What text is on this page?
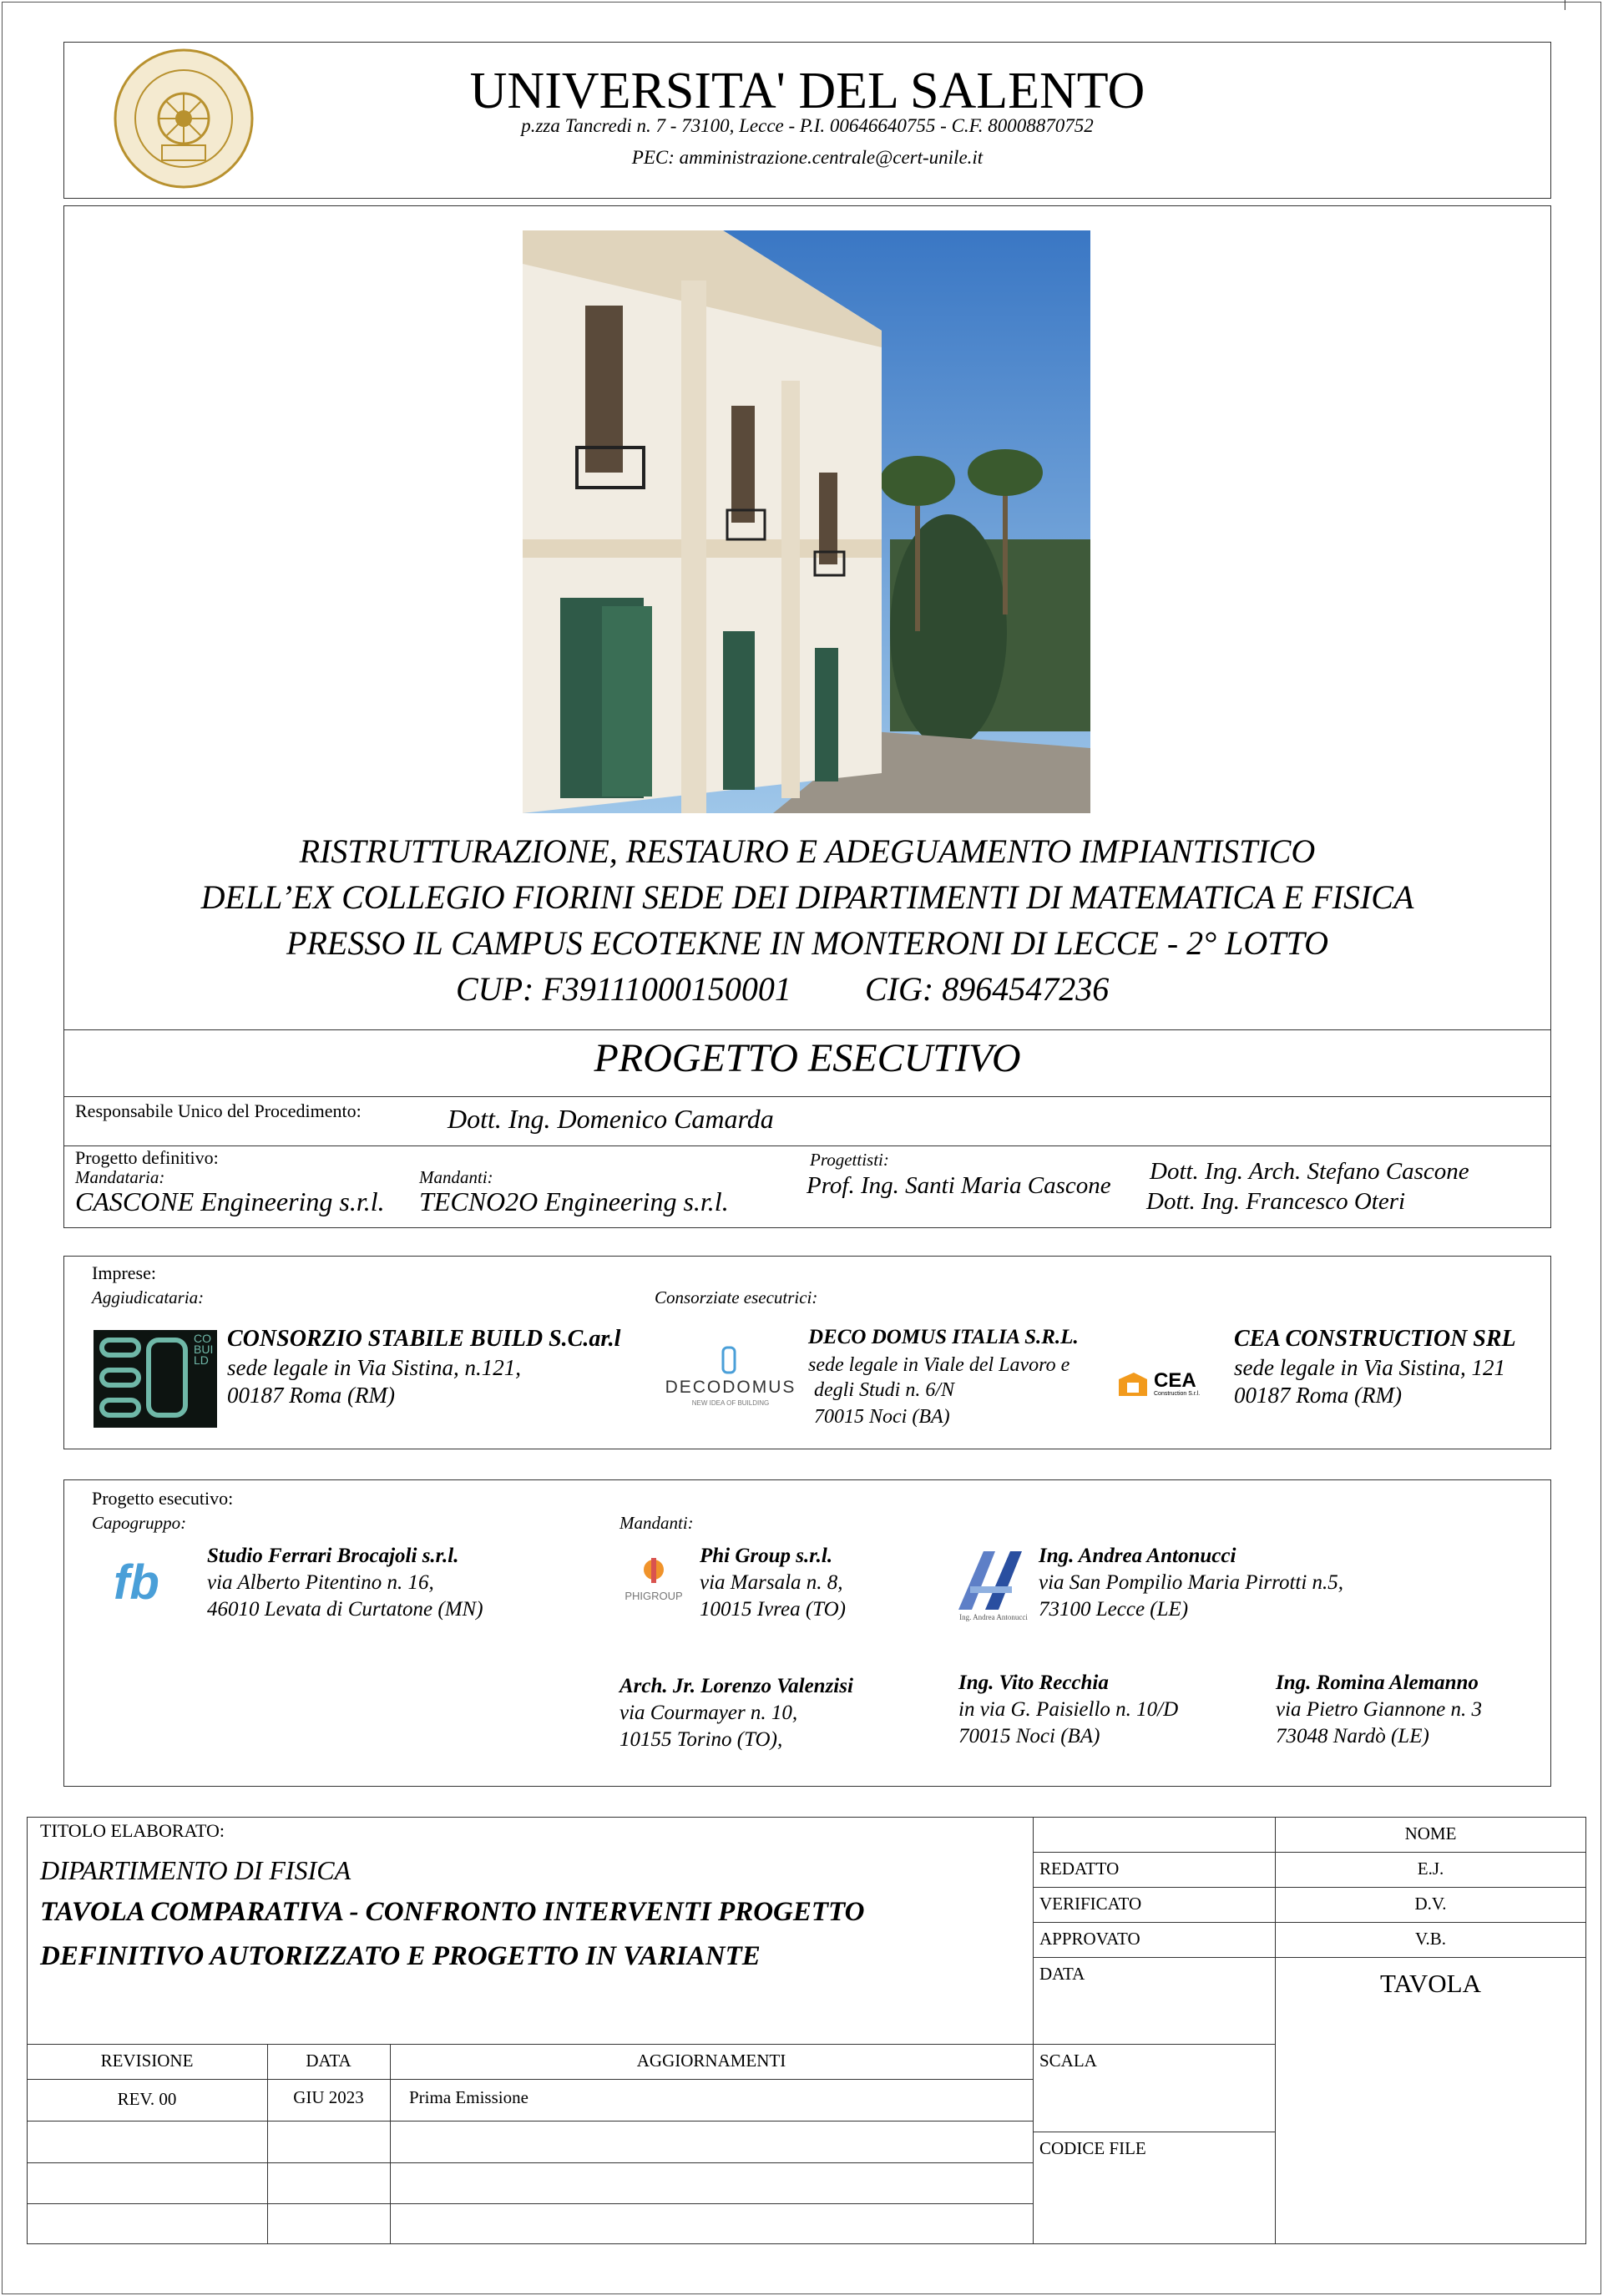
UNIVERSITA' DEL SALENTO
p.zza Tancredi n. 7 - 73100, Lecce - P.I. 00646640755 - C.F. 80008870752
PEC: amministrazione.centrale@cert-unile.it
RISTRUTTURAZIONE, RESTAURO E ADEGUAMENTO IMPIANTISTICO
DELL’EX COLLEGIO FIORINI SEDE DEI DIPARTIMENTI DI MATEMATICA E FISICA
PRESSO IL CAMPUS ECOTEKNE IN MONTERONI DI LECCE - 2° LOTTO
CUP: F39111000150001 CIG: 8964547236
PROGETTO ESECUTIVO
Responsabile Unico del Procedimento:	Dott. Ing. Domenico Camarda
Progetto definitivo:
Mandataria:
CASCONE Engineering s.r.l.
Mandanti:
TECNO2O Engineering s.r.l.
Progettisti:
Prof. Ing. Santi Maria Cascone
Dott. Ing. Arch. Stefano Cascone
Dott. Ing. Francesco Oteri
Imprese:
Aggiudicataria:	Consorziate esecutrici:
CO BUILD
CONSORZIO STABILE BUILD S.C.ar.l
sede legale in Via Sistina, n.121,
00187 Roma (RM)	DECODOMUS
NEW IDEA OF BUILDING
DECO DOMUS ITALIA S.R.L.
sede legale in Viale del Lavoro e
degli Studi n. 6/N
70015 Noci (BA)
CEA
Construction S.r.l.
CEA CONSTRUCTION SRL
sede legale in Via Sistina, 121
00187 Roma (RM)
Progetto esecutivo:
Capogruppo:	Mandanti:
fb Studio Ferrari Brocajoli s.r.l.
via Alberto Pitentino n. 16,
46010 Levata di Curtatone (MN)
PHIGROUP
Phi Group s.r.l.
via Marsala n. 8,
10015 Ivrea (TO)	Ing. Andrea Antonucci
Ing. Andrea Antonucci
via San Pompilio Maria Pirrotti n.5,
73100 Lecce (LE)
Arch. Jr. Lorenzo Valenzisi
via Courmayer n. 10,
10155 Torino (TO),
Ing. Vito Recchia
in via G. Paisiello n. 10/D
70015 Noci (BA)
Ing. Romina Alemanno
via Pietro Giannone n. 3
73048 Nardò (LE)
TITOLO ELABORATO:
DIPARTIMENTO DI FISICA
TAVOLA COMPARATIVA - CONFRONTO INTERVENTI PROGETTO
DEFINITIVO AUTORIZZATO E PROGETTO IN VARIANTE
NOME
REDATTO	E.J.
VERIFICATO	D.V.
APPROVATO	V.B.
DATA	TAVOLA
SCALA
CODICE FILE
REVISIONE	DATA	AGGIORNAMENTI
REV. 00	GIU 2023	Prima Emissione
